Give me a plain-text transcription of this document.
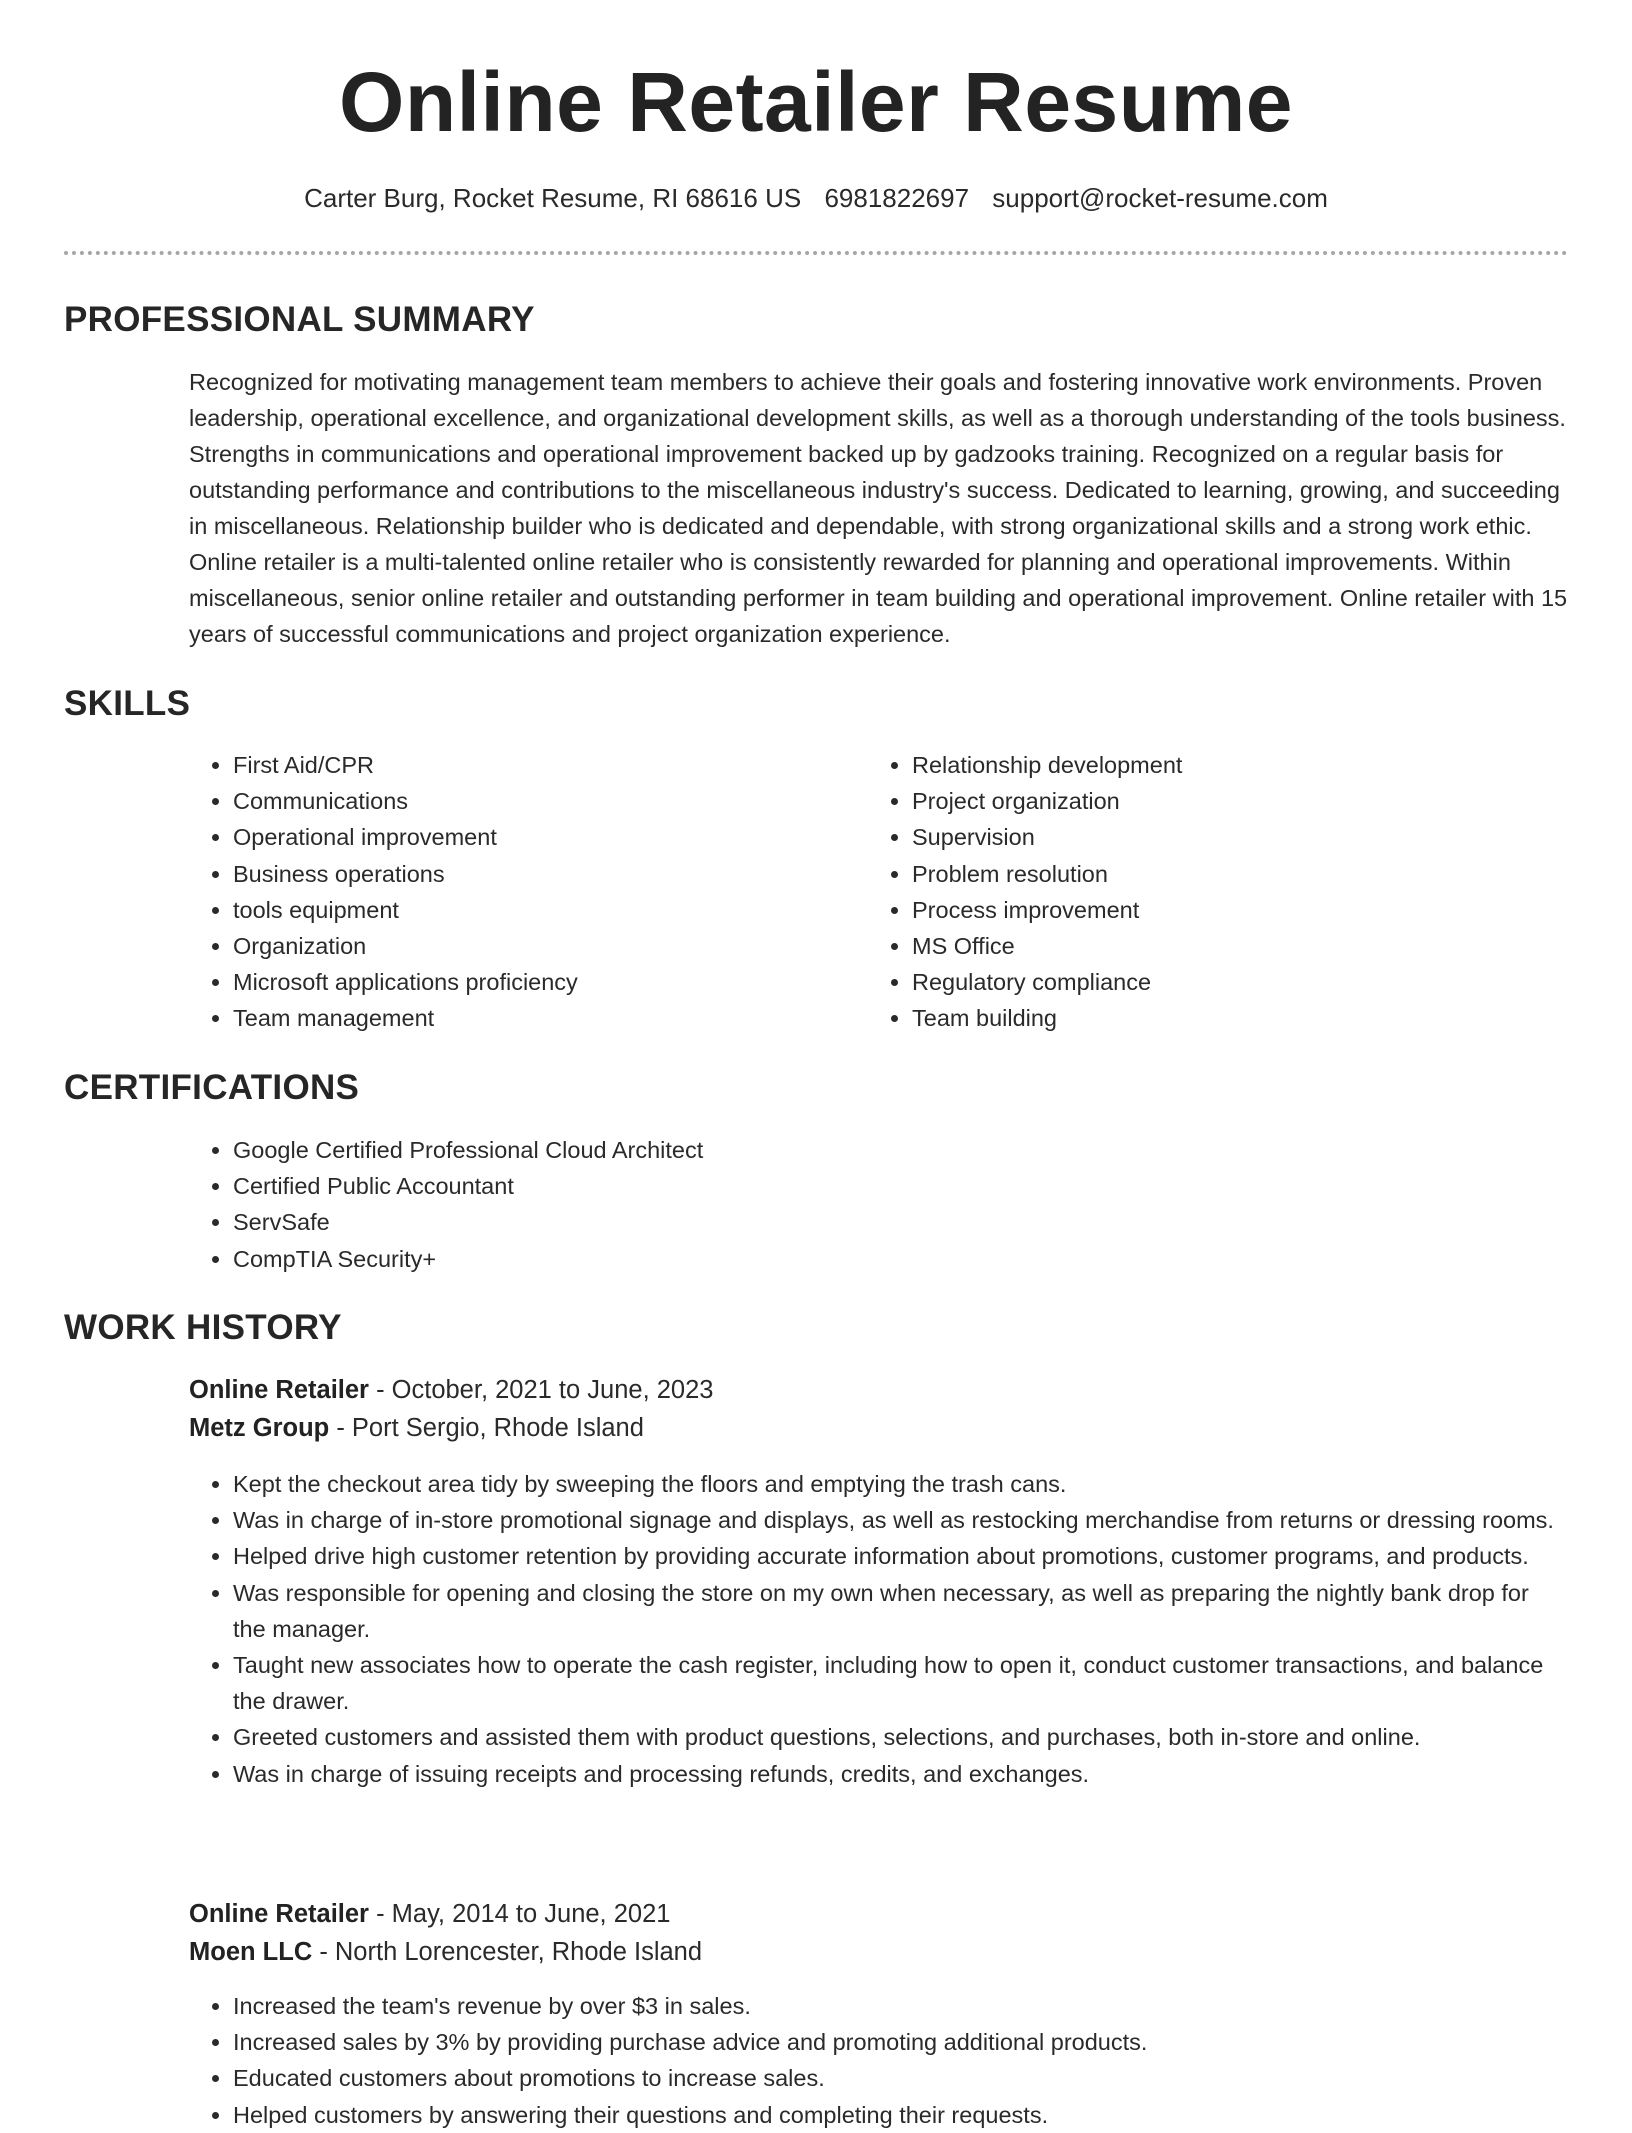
Online Retailer Resume
Carter Burg, Rocket Resume, RI 68616 US 6981822697 support@rocket-resume.com
PROFESSIONAL SUMMARY

Recognized for motivating management team members to achieve their goals and fostering innovative work environments. Proven leadership, operational excellence, and organizational development skills, as well as a thorough understanding of the tools business. Strengths in communications and operational improvement backed up by gadzooks training. Recognized on a regular basis for outstanding performance and contributions to the miscellaneous industry's success. Dedicated to learning, growing, and succeeding in miscellaneous. Relationship builder who is dedicated and dependable, with strong organizational skills and a strong work ethic. Online retailer is a multi-talented online retailer who is consistently rewarded for planning and operational improvements. Within miscellaneous, senior online retailer and outstanding performer in team building and operational improvement. Online retailer with 15 years of successful communications and project organization experience.

SKILLS
• First Aid/CPR
• Communications
• Operational improvement
• Business operations
• tools equipment
• Organization
• Microsoft applications proficiency
• Team management
• Relationship development
• Project organization
• Supervision
• Problem resolution
• Process improvement
• MS Office
• Regulatory compliance
• Team building
CERTIFICATIONS
• Google Certified Professional Cloud Architect
• Certified Public Accountant
• ServSafe
• CompTIA Security+
WORK HISTORY

Online Retailer - October, 2021 to June, 2023

Metz Group - Port Sergio, Rhode Island

• Kept the checkout area tidy by sweeping the floors and emptying the trash cans.
• Was in charge of in-store promotional signage and displays, as well as restocking merchandise from returns or dressing rooms.
• Helped drive high customer retention by providing accurate information about promotions, customer programs, and products.
• Was responsible for opening and closing the store on my own when necessary, as well as preparing the nightly bank drop for the manager.
• Taught new associates how to operate the cash register, including how to open it, conduct customer transactions, and balance the drawer.
• Greeted customers and assisted them with product questions, selections, and purchases, both in-store and online.
• Was in charge of issuing receipts and processing refunds, credits, and exchanges.

Online Retailer - May, 2014 to June, 2021

Moen LLC - North Lorencester, Rhode Island

• Increased the team's revenue by over $3 in sales.
• Increased sales by 3% by providing purchase advice and promoting additional products.
• Educated customers about promotions to increase sales.
• Helped customers by answering their questions and completing their requests.
